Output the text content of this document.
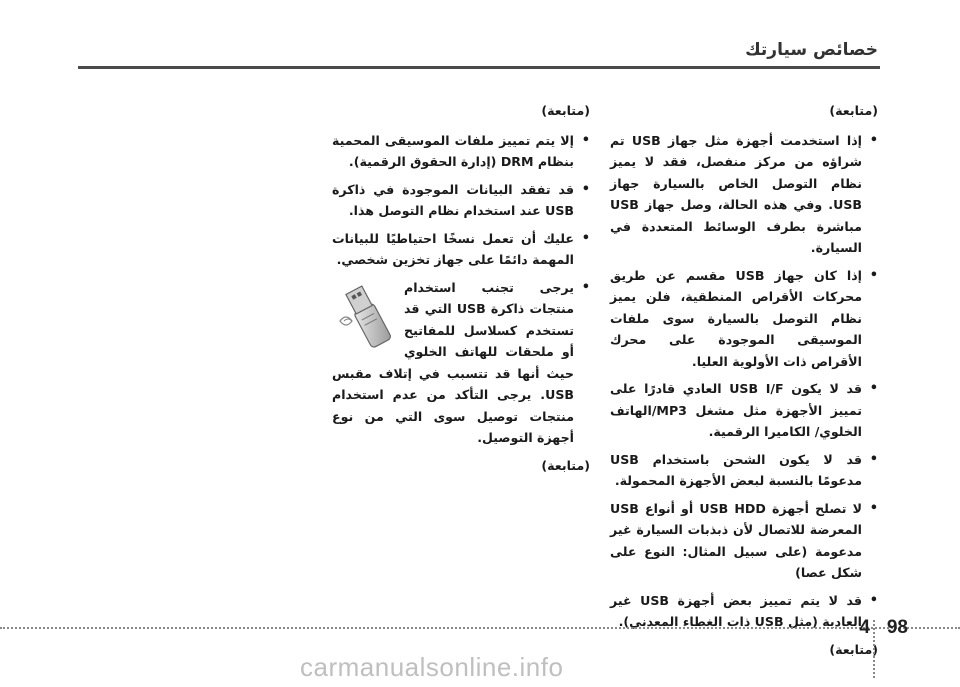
خصائص سيارتك

(متابعة)

• إذا استخدمت أجهزة مثل جهاز USB تم شراؤه من مركز منفصل، فقد لا يميز نظام التوصل الخاص بالسيارة جهاز USB. وفي هذه الحالة، وصل جهاز USB مباشرة بطرف الوسائط المتعددة في السيارة.
• إذا كان جهاز USB مقسم عن طريق محركات الأقراص المنطقية، فلن يميز نظام التوصل بالسيارة سوى ملفات الموسيقى الموجودة على محرك الأقراص ذات الأولوية العليا.
• قد لا يكون USB I/F العادي قادرًا على تمييز الأجهزة مثل مشغل MP3/الهاتف الخلوي/ الكاميرا الرقمية.
• قد لا يكون الشحن باستخدام USB مدعومًا بالنسبة لبعض الأجهزة المحمولة.
• لا تصلح أجهزة USB HDD أو أنواع USB المعرضة للاتصال لأن ذبذبات السيارة غير مدعومة (على سبيل المثال: النوع على شكل عصا)
• قد لا يتم تمييز بعض أجهزة USB غير العادية (مثل USB ذات الغطاء المعدني).

(متابعة)

(متابعة)

• إلا يتم تمييز ملفات الموسيقى المحمية بنظام DRM (إدارة الحقوق الرقمية).
• قد تفقد البيانات الموجودة في ذاكرة USB عند استخدام نظام التوصل هذا.
• عليك أن تعمل نسخًا احتياطيًا للبيانات المهمة دائمًا على جهاز تخزين شخصي.
• يرجى تجنب استخدام منتجات ذاكرة USB التي قد تستخدم كسلاسل للمفاتيح أو ملحقات للهاتف الخلوي حيث أنها قد تتسبب في إتلاف مقبس USB. يرجى التأكد من عدم استخدام منتجات توصيل سوى التي من نوع أجهزة التوصيل.

(متابعة)

4 98
carmanualsonline.info
